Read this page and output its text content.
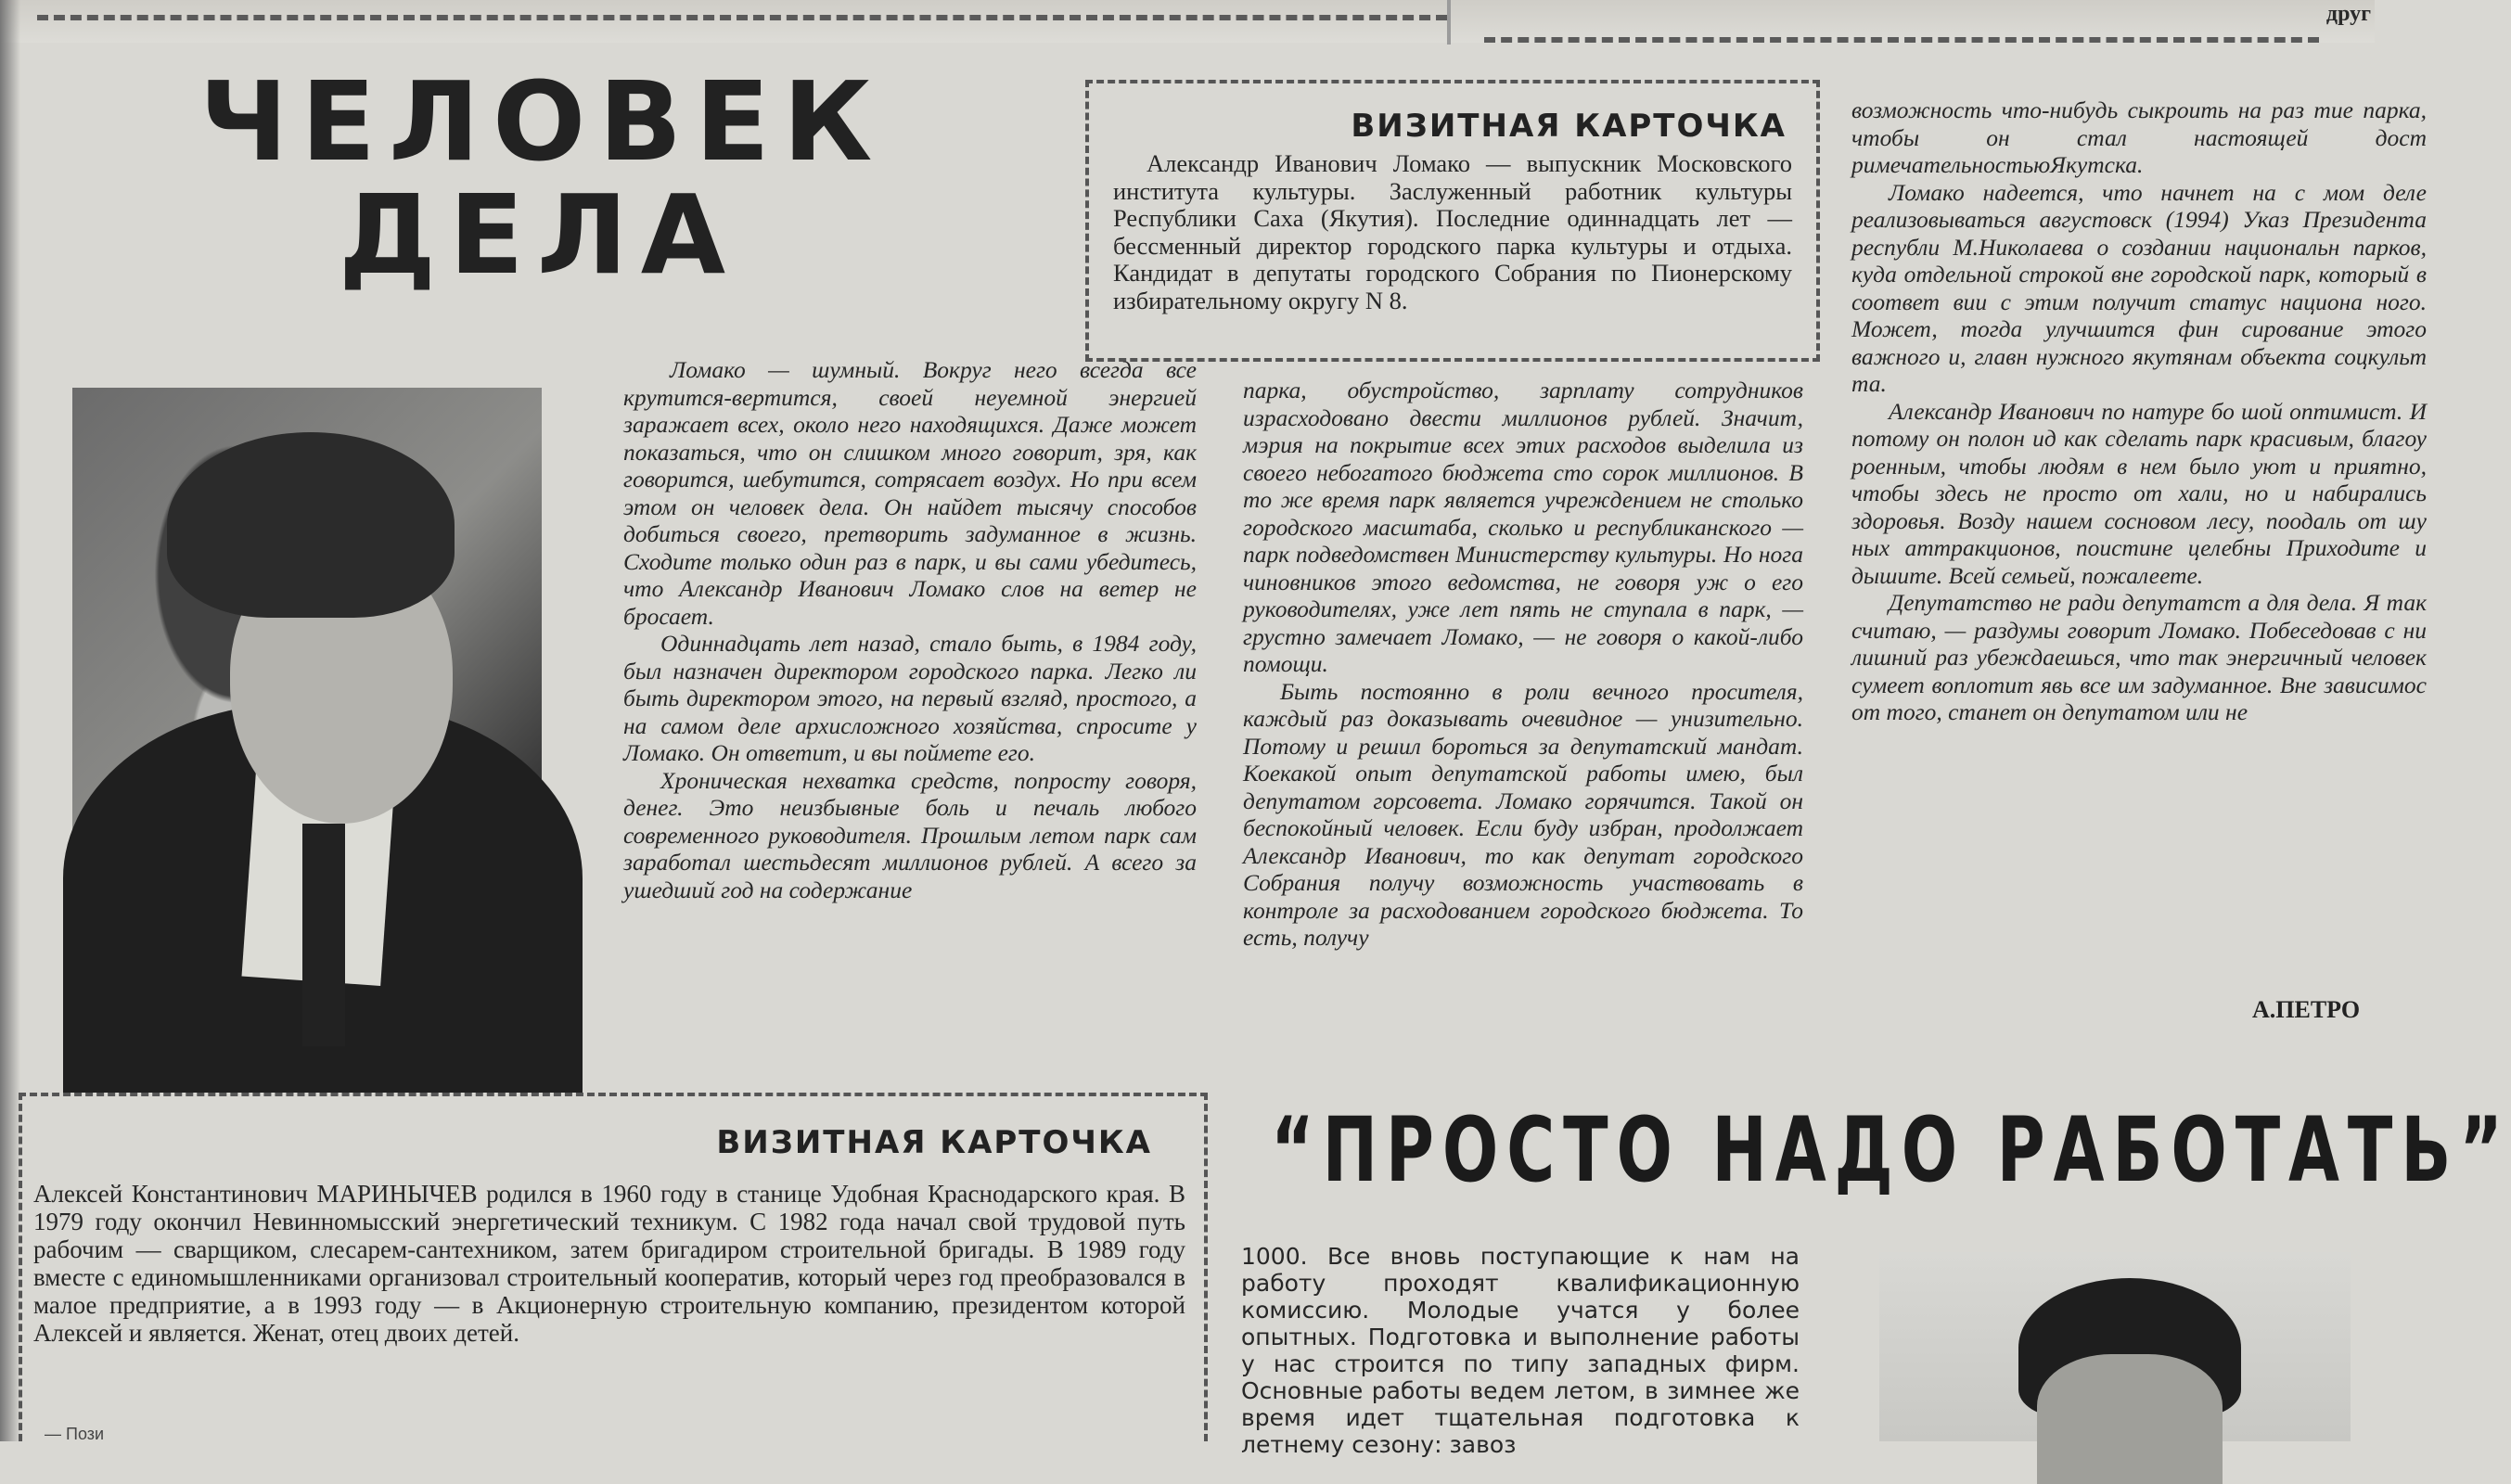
друг
ЧЕЛОВЕК
ДЕЛА
ВИЗИТНАЯ КАРТОЧКА
Александр Иванович Ломако — выпускник Московского института культуры. Заслуженный работник культуры Республики Саха (Якутия). Последние одиннадцать лет — бессменный директор городского парка культуры и отдыха. Кандидат в депутаты городского Собрания по Пионерскому избирательному округу N 8.

Ломако — шумный. Вокруг него всегда все крутится-вертится, своей неуемной энергией заражает всех, около него находящихся. Даже может показаться, что он слишком много говорит, зря, как говорится, шебутится, сотрясает воздух. Но при всем этом он человек дела. Он найдет тысячу способов добиться своего, претворить задуманное в жизнь. Сходите только один раз в парк, и вы сами убедитесь, что Александр Иванович Ломако слов на ветер не бросает.

Одиннадцать лет назад, стало быть, в 1984 году, был назначен директором городского парка. Легко ли быть директором этого, на первый взгляд, простого, а на самом деле архисложного хозяйства, спросите у Ломако. Он ответит, и вы поймете его.

Хроническая нехватка средств, попросту говоря, денег. Это неизбывные боль и печаль любого современного руководителя. Прошлым летом парк сам заработал шестьдесят миллионов рублей. А всего за ушедший год на содержание

парка, обустройство, зарплату сотрудников израсходовано двести миллионов рублей. Значит, мэрия на покрытие всех этих расходов выделила из своего небогатого бюджета сто сорок миллионов. В то же время парк является учреждением не столько городского масштаба, сколько и республиканского — парк подведомствен Министерству культуры. Но нога чиновников этого ведомства, не говоря уж о его руководителях, уже лет пять не ступала в парк, — грустно замечает Ломако, — не говоря о какой-либо помощи.

Быть постоянно в роли вечного просителя, каждый раз доказывать очевидное — унизительно. Потому и решил бороться за депутатский мандат. Коекакой опыт депутатской работы имею, был депутатом горсовета. Ломако горячится. Такой он беспокойный человек. Если буду избран, продолжает Александр Иванович, то как депутат городского Собрания получу возможность участвовать в контроле за расходованием городского бюджета. То есть, получу

возможность что-нибудь сыкроить на раз тие парка, чтобы он стал настоящей дост римечательностьюЯкутска.

Ломако надеется, что начнет на с мом деле реализовываться августовск (1994) Указ Президента республи М.Николаева о создании национальн парков, куда отдельной строкой вне городской парк, который в соответ вии с этим получит статус национа ного. Может, тогда улучшится фин сирование этого важного и, главн нужного якутянам объекта соцкульт та.

Александр Иванович по натуре бо шой оптимист. И потому он полон ид как сделать парк красивым, благоу роенным, чтобы людям в нем было уют и приятно, чтобы здесь не просто от хали, но и набирались здоровья. Возду нашем сосновом лесу, поодаль от шу ных аттракционов, поистине целебны Приходите и дышите. Всей семьей, пожалеете.

Депутатство не ради депутатст а для дела. Я так считаю, — раздумы говорит Ломако. Побеседовав с ни лишний раз убеждаешься, что так энергичный человек сумеет воплотит явь все им задуманное. Вне зависимос от того, станет он депутатом или не

А.ПЕТРО
ВИЗИТНАЯ КАРТОЧКА
Алексей Константинович МАРИНЫЧЕВ родился в 1960 году в станице Удобная Краснодарского края. В 1979 году окончил Невинномысский энергетический техникум. С 1982 года начал свой трудовой путь рабочим — сварщиком, слесарем-сантехником, затем бригадиром строительной бригады. В 1989 году вместе с единомышленниками организовал строительный кооператив, который через год преобразовался в малое предприятие, а в 1993 году — в Акционерную строительную компанию, президентом которой Алексей и является. Женат, отец двоих детей.
— Пози
“ПРОСТО НАДО РАБОТАТЬ”
1000. Все вновь поступающие к нам на работу проходят квалификационную комиссию. Молодые учатся у более опытных. Подготовка и выполнение работы у нас строится по типу западных фирм. Основные работы ведем летом, в зимнее же время идет тщательная подготовка к летнему сезону: завоз
